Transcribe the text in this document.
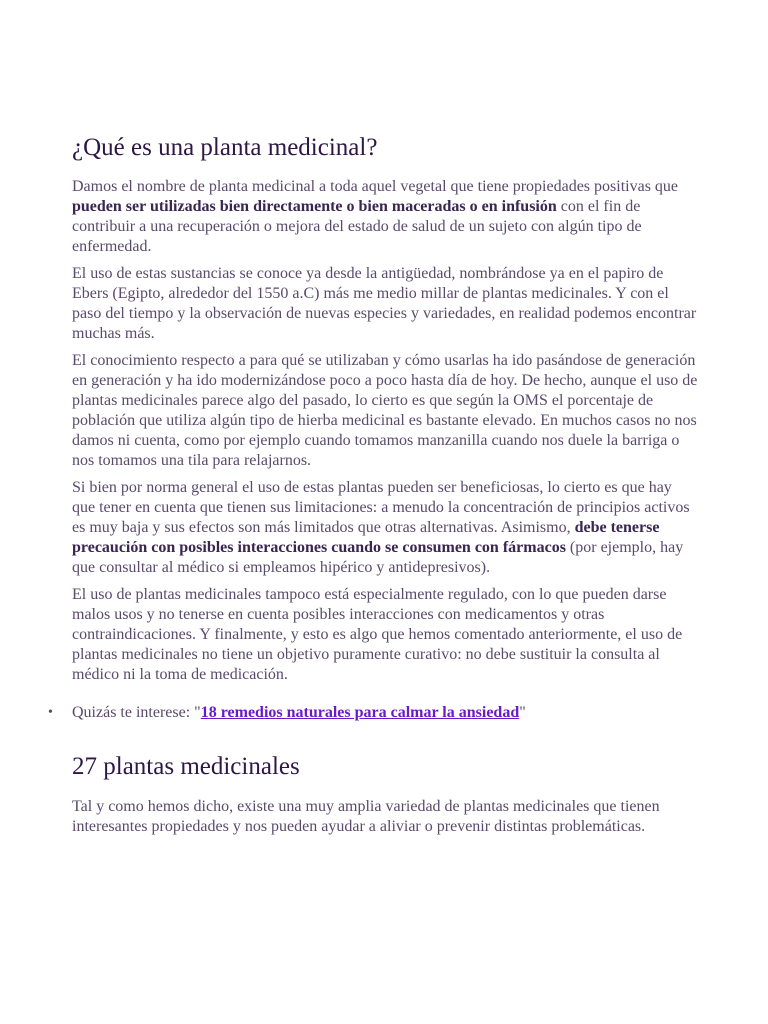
¿Qué es una planta medicinal?

Damos el nombre de planta medicinal a toda aquel vegetal que tiene propiedades positivas que pueden ser utilizadas bien directamente o bien maceradas o en infusión con el fin de contribuir a una recuperación o mejora del estado de salud de un sujeto con algún tipo de enfermedad.

El uso de estas sustancias se conoce ya desde la antigüedad, nombrándose ya en el papiro de Ebers (Egipto, alrededor del 1550 a.C) más me medio millar de plantas medicinales. Y con el paso del tiempo y la observación de nuevas especies y variedades, en realidad podemos encontrar muchas más.

El conocimiento respecto a para qué se utilizaban y cómo usarlas ha ido pasándose de generación en generación y ha ido modernizándose poco a poco hasta día de hoy. De hecho, aunque el uso de plantas medicinales parece algo del pasado, lo cierto es que según la OMS el porcentaje de población que utiliza algún tipo de hierba medicinal es bastante elevado. En muchos casos no nos damos ni cuenta, como por ejemplo cuando tomamos manzanilla cuando nos duele la barriga o nos tomamos una tila para relajarnos.

Si bien por norma general el uso de estas plantas pueden ser beneficiosas, lo cierto es que hay que tener en cuenta que tienen sus limitaciones: a menudo la concentración de principios activos es muy baja y sus efectos son más limitados que otras alternativas. Asimismo, debe tenerse precaución con posibles interacciones cuando se consumen con fármacos (por ejemplo, hay que consultar al médico si empleamos hipérico y antidepresivos).

El uso de plantas medicinales tampoco está especialmente regulado, con lo que pueden darse malos usos y no tenerse en cuenta posibles interacciones con medicamentos y otras contraindicaciones. Y finalmente, y esto es algo que hemos comentado anteriormente, el uso de plantas medicinales no tiene un objetivo puramente curativo: no debe sustituir la consulta al médico ni la toma de medicación.

• Quizás te interese: "18 remedios naturales para calmar la ansiedad"
27 plantas medicinales

Tal y como hemos dicho, existe una muy amplia variedad de plantas medicinales que tienen interesantes propiedades y nos pueden ayudar a aliviar o prevenir distintas problemáticas.
